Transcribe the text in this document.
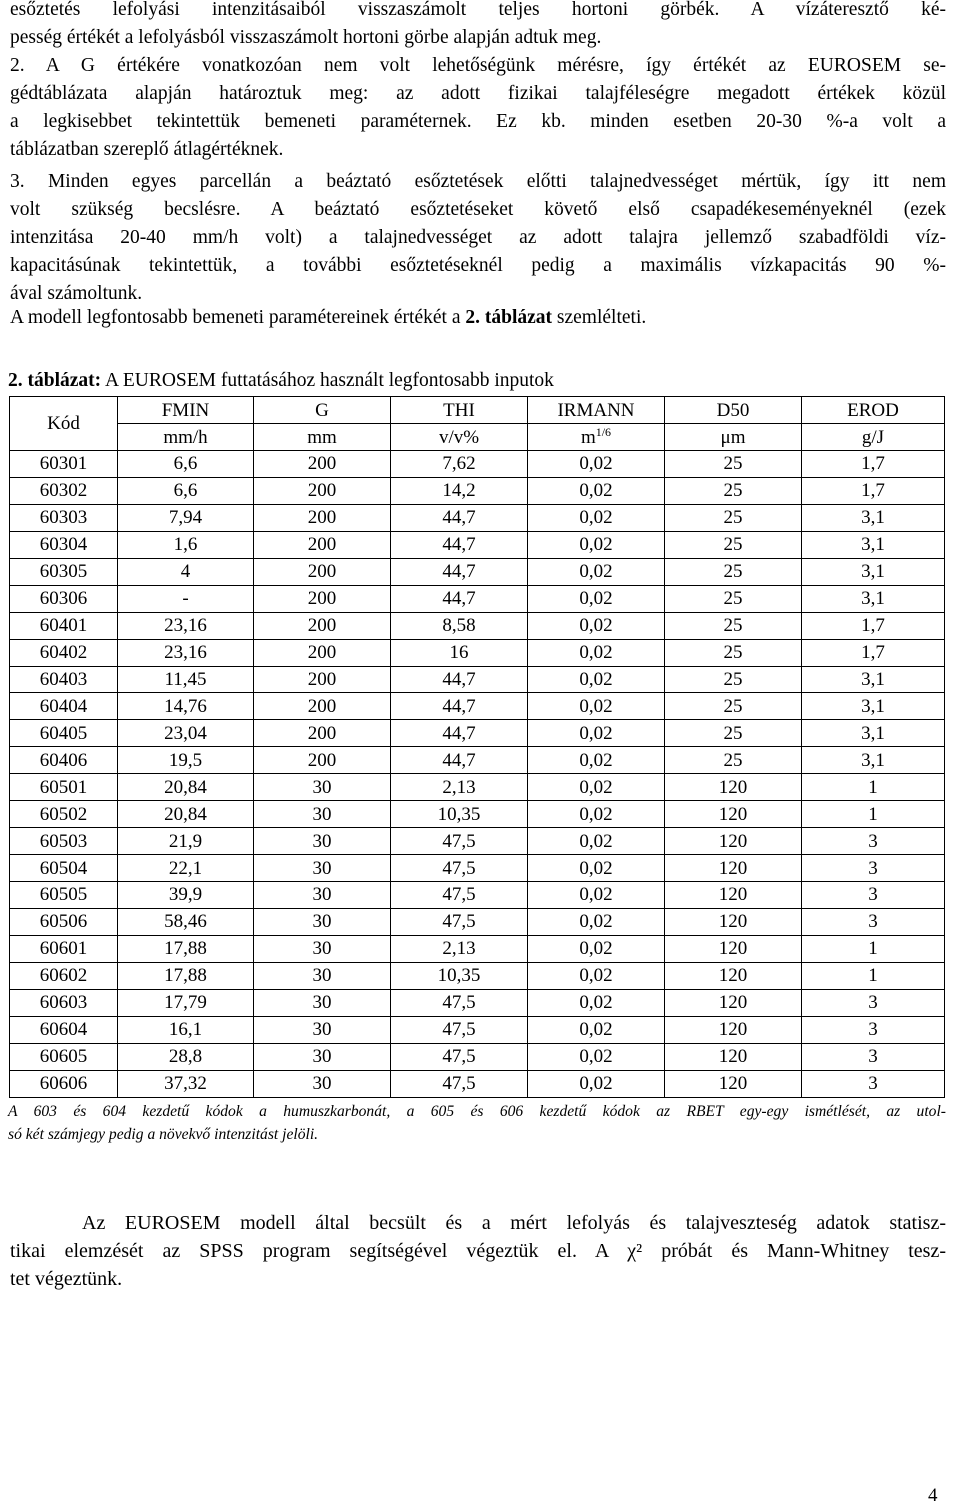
esőztetés lefolyási intenzitásaiból visszaszámolt teljes hortoni görbék. A vízáteresztő ké-
pesség értékét a lefolyásból visszaszámolt hortoni görbe alapján adtuk meg.
2. A G értékére vonatkozóan nem volt lehetőségünk mérésre, így értékét az EUROSEM se-
gédtáblázata alapján határoztuk meg: az adott fizikai talajféleségre megadott értékek közül
a legkisebbet tekintettük bemeneti paraméternek. Ez kb. minden esetben 20-30 %-a volt a
táblázatban szereplő átlagértéknek.
3. Minden egyes parcellán a beáztató esőztetések előtti talajnedvességet mértük, így itt nem
volt szükség becslésre. A beáztató esőztetéseket követő első csapadékeseményeknél (ezek
intenzitása 20-40 mm/h volt) a talajnedvességet az adott talajra jellemző szabadföldi víz-
kapacitásúnak tekintettük, a további esőztetéseknél pedig a maximális vízkapacitás 90 %-
ával számoltunk.
A modell legfontosabb bemeneti paramétereinek értékét a 2. táblázat szemlélteti.
2. táblázat: A EUROSEM futtatásához használt legfontosabb inputok
Kód	FMIN	G	THI	IRMANN	D50	EROD
	mm/h	mm	v/v%	$m^{1/6}$	μm	g/J
60301	6,6	200	7,62	0,02	25	1,7
60302	6,6	200	14,2	0,02	25	1,7
60303	7,94	200	44,7	0,02	25	3,1
60304	1,6	200	44,7	0,02	25	3,1
60305	4	200	44,7	0,02	25	3,1
60306	-	200	44,7	0,02	25	3,1
60401	23,16	200	8,58	0,02	25	1,7
60402	23,16	200	16	0,02	25	1,7
60403	11,45	200	44,7	0,02	25	3,1
60404	14,76	200	44,7	0,02	25	3,1
60405	23,04	200	44,7	0,02	25	3,1
60406	19,5	200	44,7	0,02	25	3,1
60501	20,84	30	2,13	0,02	120	1
60502	20,84	30	10,35	0,02	120	1
60503	21,9	30	47,5	0,02	120	3
60504	22,1	30	47,5	0,02	120	3
60505	39,9	30	47,5	0,02	120	3
60506	58,46	30	47,5	0,02	120	3
60601	17,88	30	2,13	0,02	120	1
60602	17,88	30	10,35	0,02	120	1
60603	17,79	30	47,5	0,02	120	3
60604	16,1	30	47,5	0,02	120	3
60605	28,8	30	47,5	0,02	120	3
60606	37,32	30	47,5	0,02	120	3
A 603 és 604 kezdetű kódok a humuszkarbonát, a 605 és 606 kezdetű kódok az RBET egy-egy ismétlését, az utol-
só két számjegy pedig a növekvő intenzitást jelöli.
Az EUROSEM modell által becsült és a mért lefolyás és talajveszteség adatok statisz-
tikai elemzését az SPSS program segítségével végeztük el. A χ² próbát és Mann-Whitney tesz-
tet végeztünk.
4
